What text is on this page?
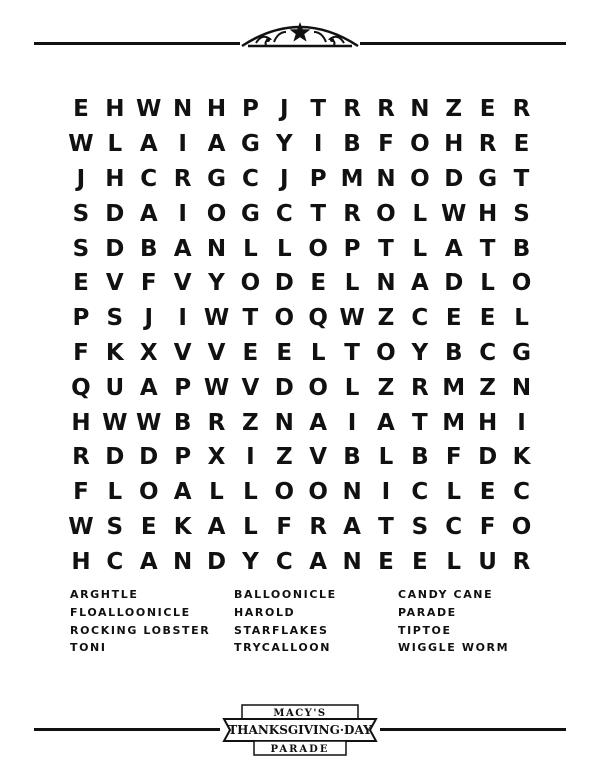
E H W N H P J T R R N Z E R
W L A I A G Y I B F O H R E
J H C R G C J P M N O D G T
S D A I O G C T R O L W H S
S D B A N L L O P T L A T B
E V F V Y O D E L N A D L O
P S J	I W T O Q W Z C E E L
F K X V V E E L T O Y B C G
Q U A P W V D O L Z R M Z N
H W W B R Z N A I A T M H I
R D D P X I Z V B L B F D K
F L O A L L O O N I C L E C
W S E K A L F R A T S C F O
H C A N D Y C A N E E L U R
ARGHTLE	BALLOONICLE	CANDY CANE
FLOALLOONICLE	HAROLD	PARADE
ROCKING LOBSTER	STARFLAKES	TIPTOE
TONI	TRYCALLOON	WIGGLE WORM
MACY'S
THANKSGIVING·DAY
PARADE
